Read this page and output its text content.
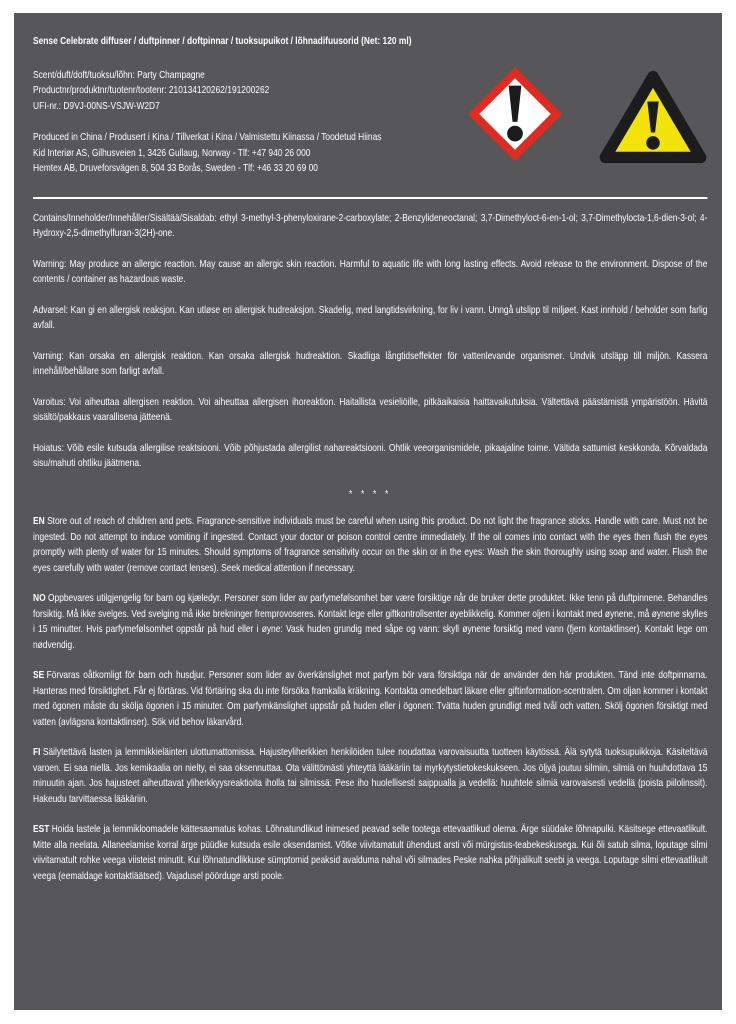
Sense Celebrate diffuser / duftpinner / doftpinnar / tuoksupuikot / lõhnadifuusorid (Net: 120 ml)

Scent/duft/doft/tuoksu/lõhn: Party Champagne

Productnr/produktnr/tuotenr/tootenr: 210134120262/191200262

UFI-nr.: D9VJ-00NS-VSJW-W2D7

Produced in China / Produsert i Kina / Tillverkat i Kina / Valmistettu Kiinassa / Toodetud Hiinas

Kid Interiør AS, Gilhusveien 1, 3426 Gullaug, Norway - Tlf: +47 940 26 000

Hemtex AB, Druveforsvägen 8, 504 33 Borås, Sweden - Tlf: +46 33 20 69 00

Contains/Inneholder/Innehåller/Sisältää/Sisaldab: ethyl 3-methyl-3-phenyloxirane-2-carboxylate; 2-Benzylideneoctanal; 3,7-Dimethyloct-6-en-1-ol; 3,7-Dimethylocta-1,6-dien-3-ol; 4-Hydroxy-2,5-dimethylfuran-3(2H)-one.

Warning: May produce an allergic reaction. May cause an allergic skin reaction. Harmful to aquatic life with long lasting effects. Avoid release to the environment. Dispose of the contents / container as hazardous waste.

Advarsel: Kan gi en allergisk reaksjon. Kan utløse en allergisk hudreaksjon. Skadelig, med langtidsvirkning, for liv i vann. Unngå utslipp til miljøet. Kast innhold / beholder som farlig avfall.

Varning: Kan orsaka en allergisk reaktion. Kan orsaka allergisk hudreaktion. Skadliga långtidseffekter för vattenlevande organismer. Undvik utsläpp till miljön. Kassera innehåll/behållare som farligt avfall.

Varoitus: Voi aiheuttaa allergisen reaktion. Voi aiheuttaa allergisen ihoreaktion. Haitallista vesieliöille, pitkäaikaisia haittavaikutuksia. Vältettävä päästämistä ympäristöön. Hävitä sisältö/pakkaus vaarallisena jätteenä.

Hoiatus: Võib esile kutsuda allergilise reaktsiooni. Võib põhjustada allergilist nahareaktsiooni. Ohtlik veeorganismidele, pikaajaline toime. Vältida sattumist keskkonda. Kõrvaldada sisu/mahuti ohtliku jäätmena.

* * * *

EN Store out of reach of children and pets. Fragrance-sensitive individuals must be careful when using this product. Do not light the fragrance sticks. Handle with care. Must not be ingested. Do not attempt to induce vomiting if ingested. Contact your doctor or poison control centre immediately. If the oil comes into contact with the eyes then flush the eyes promptly with plenty of water for 15 minutes. Should symptoms of fragrance sensitivity occur on the skin or in the eyes: Wash the skin thoroughly using soap and water. Flush the eyes carefully with water (remove contact lenses). Seek medical attention if necessary.

NO Oppbevares utilgjengelig for barn og kjæledyr. Personer som lider av parfymefølsomhet bør være forsiktige når de bruker dette produktet. Ikke tenn på duftpinnene. Behandles forsiktig. Må ikke svelges. Ved svelging må ikke brekninger fremprovoseres. Kontakt lege eller giftkontrollsenter øyeblikkelig. Kommer oljen i kontakt med øynene, må øynene skylles i 15 minutter. Hvis parfymefølsomhet oppstår på hud eller i øyne: Vask huden grundig med såpe og vann: skyll øynene forsiktig med vann (fjern kontaktlinser). Kontakt lege om nødvendig.

SE Förvaras oåtkomligt för barn och husdjur. Personer som lider av överkänslighet mot parfym bör vara försiktiga när de använder den här produkten. Tänd inte doftpinnarna. Hanteras med försiktighet. Får ej förtäras. Vid förtäring ska du inte försöka framkalla kräkning. Kontakta omedelbart läkare eller giftinformation-scentralen. Om oljan kommer i kontakt med ögonen måste du skölja ögonen i 15 minuter. Om parfymkänslighet uppstår på huden eller i ögonen: Tvätta huden grundligt med tvål och vatten. Skölj ögonen försiktigt med vatten (avlägsna kontaktlinser). Sök vid behov läkarvård.

FI Säilytettävä lasten ja lemmikkieläinten ulottumattomissa. Hajusteyliherkkien henkilöiden tulee noudattaa varovaisuutta tuotteen käytössä. Älä sytytä tuoksupuikkoja. Käsiteltävä varoen. Ei saa niellä. Jos kemikaalia on nielty, ei saa oksennuttaa. Ota välittömästi yhteyttä lääkäriin tai myrkytystietokeskukseen. Jos öljyä joutuu silmiin, silmiä on huuhdottava 15 minuutin ajan. Jos hajusteet aiheuttavat yliherkkyysreaktioita iholla tai silmissä: Pese iho huolellisesti saippualla ja vedellä: huuhtele silmiä varovaisesti vedellä (poista piilolinssit). Hakeudu tarvittaessa lääkäriin.

EST Hoida lastele ja lemmikloomadele kättesaamatus kohas. Lõhnatundlikud inimesed peavad selle tootega ettevaatlikud olema. Ärge süüdake lõhnapulki. Käsitsege ettevaatlikult. Mitte alla neelata. Allaneelamise korral ärge püüdke kutsuda esile oksendamist. Võtke viivitamatult ühendust arsti või mürgistus-teabekeskusega. Kui õli satub silma, loputage silmi viivitamatult rohke veega viisteist minutit. Kui lõhnatundlikkuse sümptomid peaksid avalduma nahal või silmades Peske nahka põhjalikult seebi ja veega. Loputage silmi ettevaatlikult veega (eemaldage kontaktläätsed). Vajadusel pöörduge arsti poole.
